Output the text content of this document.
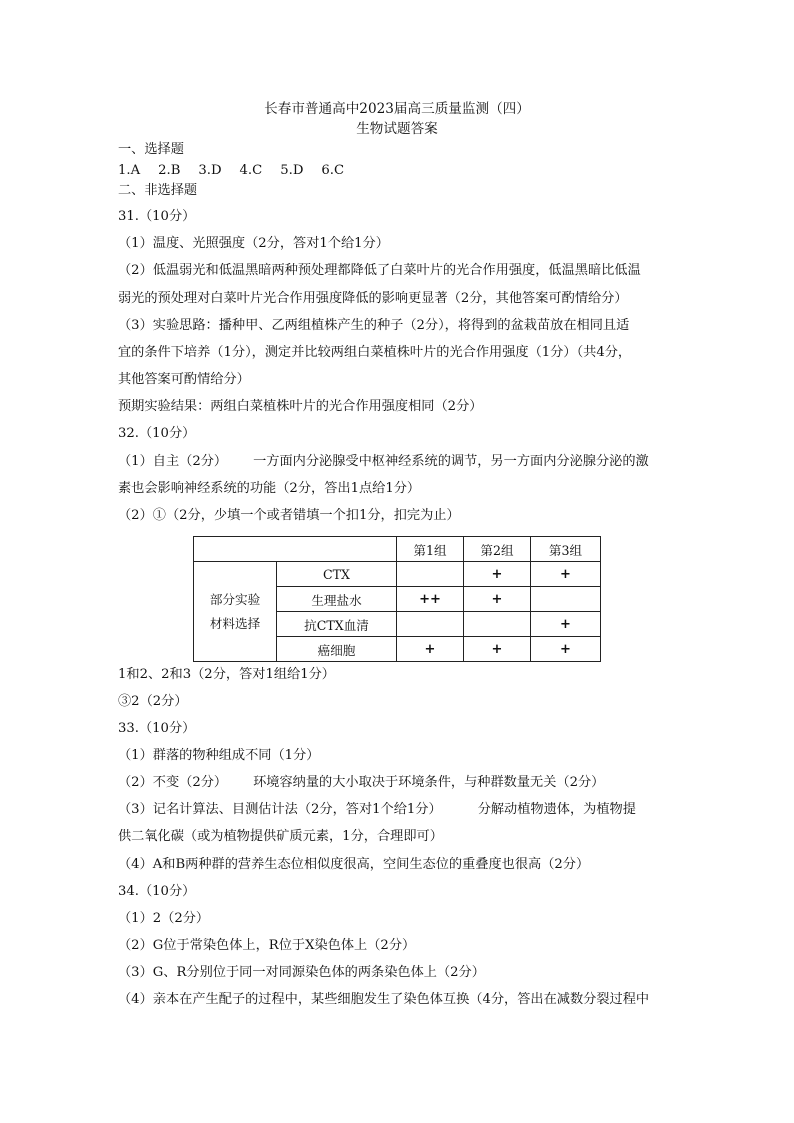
长春市普通高中2023届高三质量监测（四）
生物试题答案
一、选择题
1.A 2.B 3.D 4.C 5.D 6.C
二、非选择题
31.（10分）
（1）温度、光照强度（2分，答对1个给1分）
（2）低温弱光和低温黑暗两种预处理都降低了白菜叶片的光合作用强度，低温黑暗比低温
弱光的预处理对白菜叶片光合作用强度降低的影响更显著（2分，其他答案可酌情给分）
（3）实验思路：播种甲、乙两组植株产生的种子（2分），将得到的盆栽苗放在相同且适
宜的条件下培养（1分），测定并比较两组白菜植株叶片的光合作用强度（1分）（共4分，
其他答案可酌情给分）
预期实验结果：两组白菜植株叶片的光合作用强度相同（2分）
32.（10分）
（1）自主（2分） 一方面内分泌腺受中枢神经系统的调节，另一方面内分泌腺分泌的激
素也会影响神经系统的功能（2分，答出1点给1分）
（2）①（2分，少填一个或者错填一个扣1分，扣完为止）
		第1组	第2组	第3组

部分实验
材料选择	CTX		+	+
	生理盐水	++	+	
	抗CTX血清			+
	癌细胞	+	+	+
1和2、2和3（2分，答对1组给1分）
③2（2分）
33.（10分）
（1）群落的物种组成不同（1分）
（2）不变（2分） 环境容纳量的大小取决于环境条件，与种群数量无关（2分）
（3）记名计算法、目测估计法（2分，答对1个给1分）	分解动植物遗体，为植物提
供二氧化碳（或为植物提供矿质元素，1分，合理即可）
（4）A和B两种群的营养生态位相似度很高，空间生态位的重叠度也很高（2分）
34.（10分）
（1）2（2分）
（2）G位于常染色体上，R位于X染色体上（2分）
（3）G、R分别位于同一对同源染色体的两条染色体上（2分）
（4）亲本在产生配子的过程中，某些细胞发生了染色体互换（4分，答出在减数分裂过程中
